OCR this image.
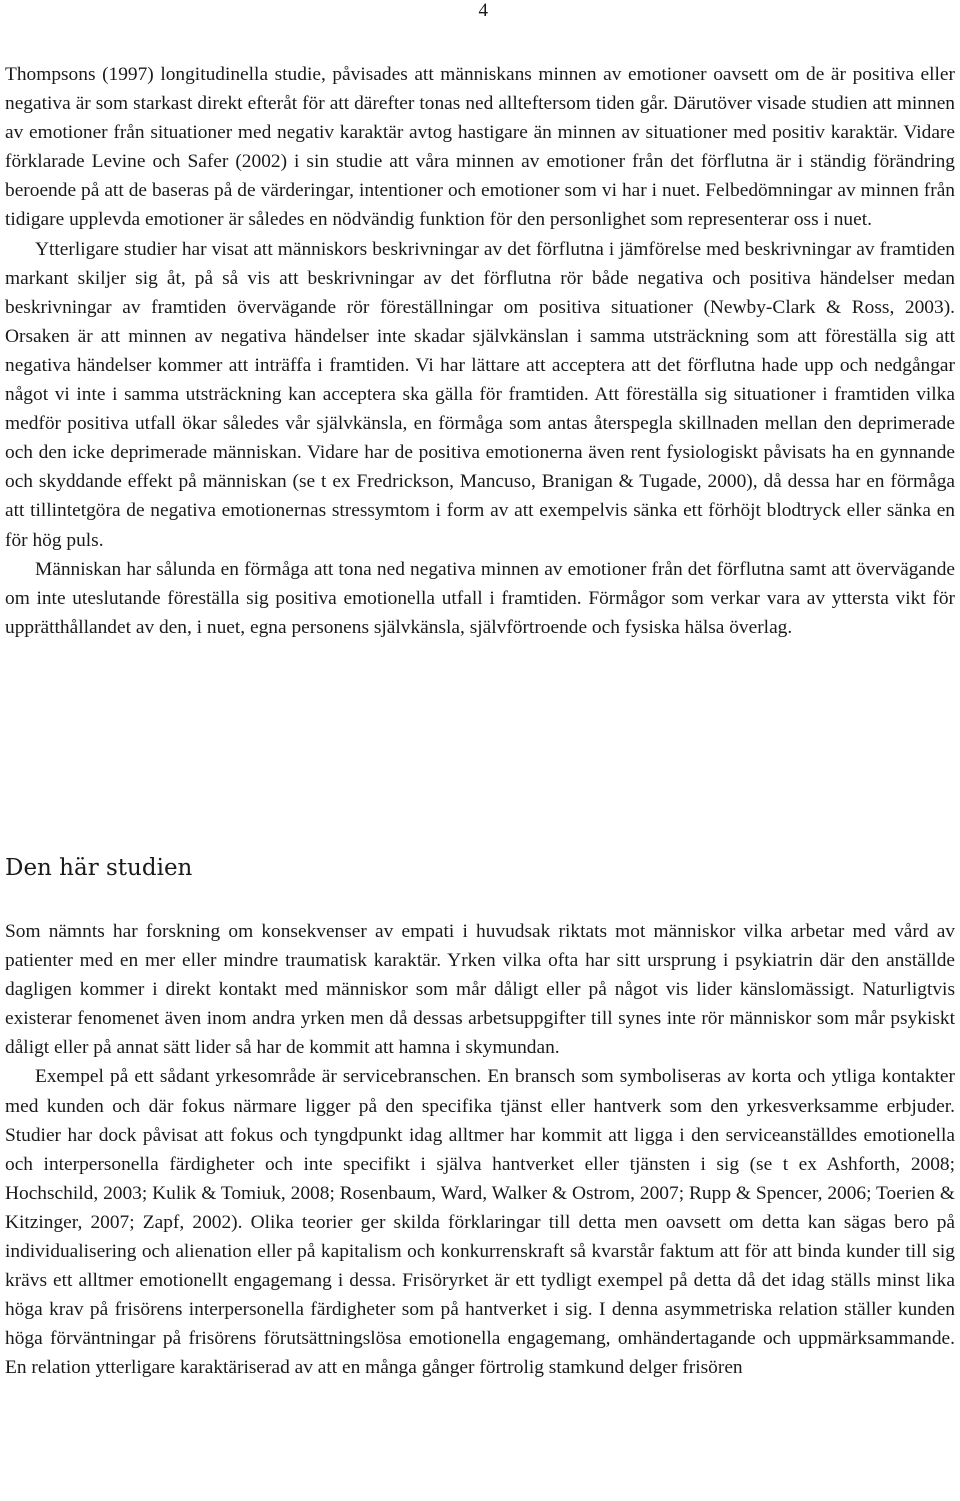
4

Thompsons (1997) longitudinella studie, påvisades att människans minnen av emotioner oavsett om de är positiva eller negativa är som starkast direkt efteråt för att därefter tonas ned allteftersom tiden går. Därutöver visade studien att minnen av emotioner från situationer med negativ karaktär avtog hastigare än minnen av situationer med positiv karaktär. Vidare förklarade Levine och Safer (2002) i sin studie att våra minnen av emotioner från det förflutna är i ständig förändring beroende på att de baseras på de värderingar, intentioner och emotioner som vi har i nuet. Felbedömningar av minnen från tidigare upplevda emotioner är således en nödvändig funktion för den personlighet som representerar oss i nuet.

Ytterligare studier har visat att människors beskrivningar av det förflutna i jämförelse med beskrivningar av framtiden markant skiljer sig åt, på så vis att beskrivningar av det förflutna rör både negativa och positiva händelser medan beskrivningar av framtiden övervägande rör föreställningar om positiva situationer (Newby-Clark & Ross, 2003). Orsaken är att minnen av negativa händelser inte skadar självkänslan i samma utsträckning som att föreställa sig att negativa händelser kommer att inträffa i framtiden. Vi har lättare att acceptera att det förflutna hade upp och nedgångar något vi inte i samma utsträckning kan acceptera ska gälla för framtiden. Att föreställa sig situationer i framtiden vilka medför positiva utfall ökar således vår självkänsla, en förmåga som antas återspegla skillnaden mellan den deprimerade och den icke deprimerade människan. Vidare har de positiva emotionerna även rent fysiologiskt påvisats ha en gynnande och skyddande effekt på människan (se t ex Fredrickson, Mancuso, Branigan & Tugade, 2000), då dessa har en förmåga att tillintetgöra de negativa emotionernas stressymtom i form av att exempelvis sänka ett förhöjt blodtryck eller sänka en för hög puls.

Människan har sålunda en förmåga att tona ned negativa minnen av emotioner från det förflutna samt att övervägande om inte uteslutande föreställa sig positiva emotionella utfall i framtiden. Förmågor som verkar vara av yttersta vikt för upprätthållandet av den, i nuet, egna personens självkänsla, självförtroende och fysiska hälsa överlag.

Den här studien

Som nämnts har forskning om konsekvenser av empati i huvudsak riktats mot människor vilka arbetar med vård av patienter med en mer eller mindre traumatisk karaktär. Yrken vilka ofta har sitt ursprung i psykiatrin där den anställde dagligen kommer i direkt kontakt med människor som mår dåligt eller på något vis lider känslomässigt. Naturligtvis existerar fenomenet även inom andra yrken men då dessas arbetsuppgifter till synes inte rör människor som mår psykiskt dåligt eller på annat sätt lider så har de kommit att hamna i skymundan.

Exempel på ett sådant yrkesområde är servicebranschen. En bransch som symboliseras av korta och ytliga kontakter med kunden och där fokus närmare ligger på den specifika tjänst eller hantverk som den yrkesverksamme erbjuder. Studier har dock påvisat att fokus och tyngdpunkt idag alltmer har kommit att ligga i den serviceanställdes emotionella och interpersonella färdigheter och inte specifikt i själva hantverket eller tjänsten i sig (se t ex Ashforth, 2008; Hochschild, 2003; Kulik & Tomiuk, 2008; Rosenbaum, Ward, Walker & Ostrom, 2007; Rupp & Spencer, 2006; Toerien & Kitzinger, 2007; Zapf, 2002). Olika teorier ger skilda förklaringar till detta men oavsett om detta kan sägas bero på individualisering och alienation eller på kapitalism och konkurrenskraft så kvarstår faktum att för att binda kunder till sig krävs ett alltmer emotionellt engagemang i dessa. Frisöryrket är ett tydligt exempel på detta då det idag ställs minst lika höga krav på frisörens interpersonella färdigheter som på hantverket i sig. I denna asymmetriska relation ställer kunden höga förväntningar på frisörens förutsättningslösa emotionella engagemang, omhändertagande och uppmärksammande. En relation ytterligare karaktäriserad av att en många gånger förtrolig stamkund delger frisören
